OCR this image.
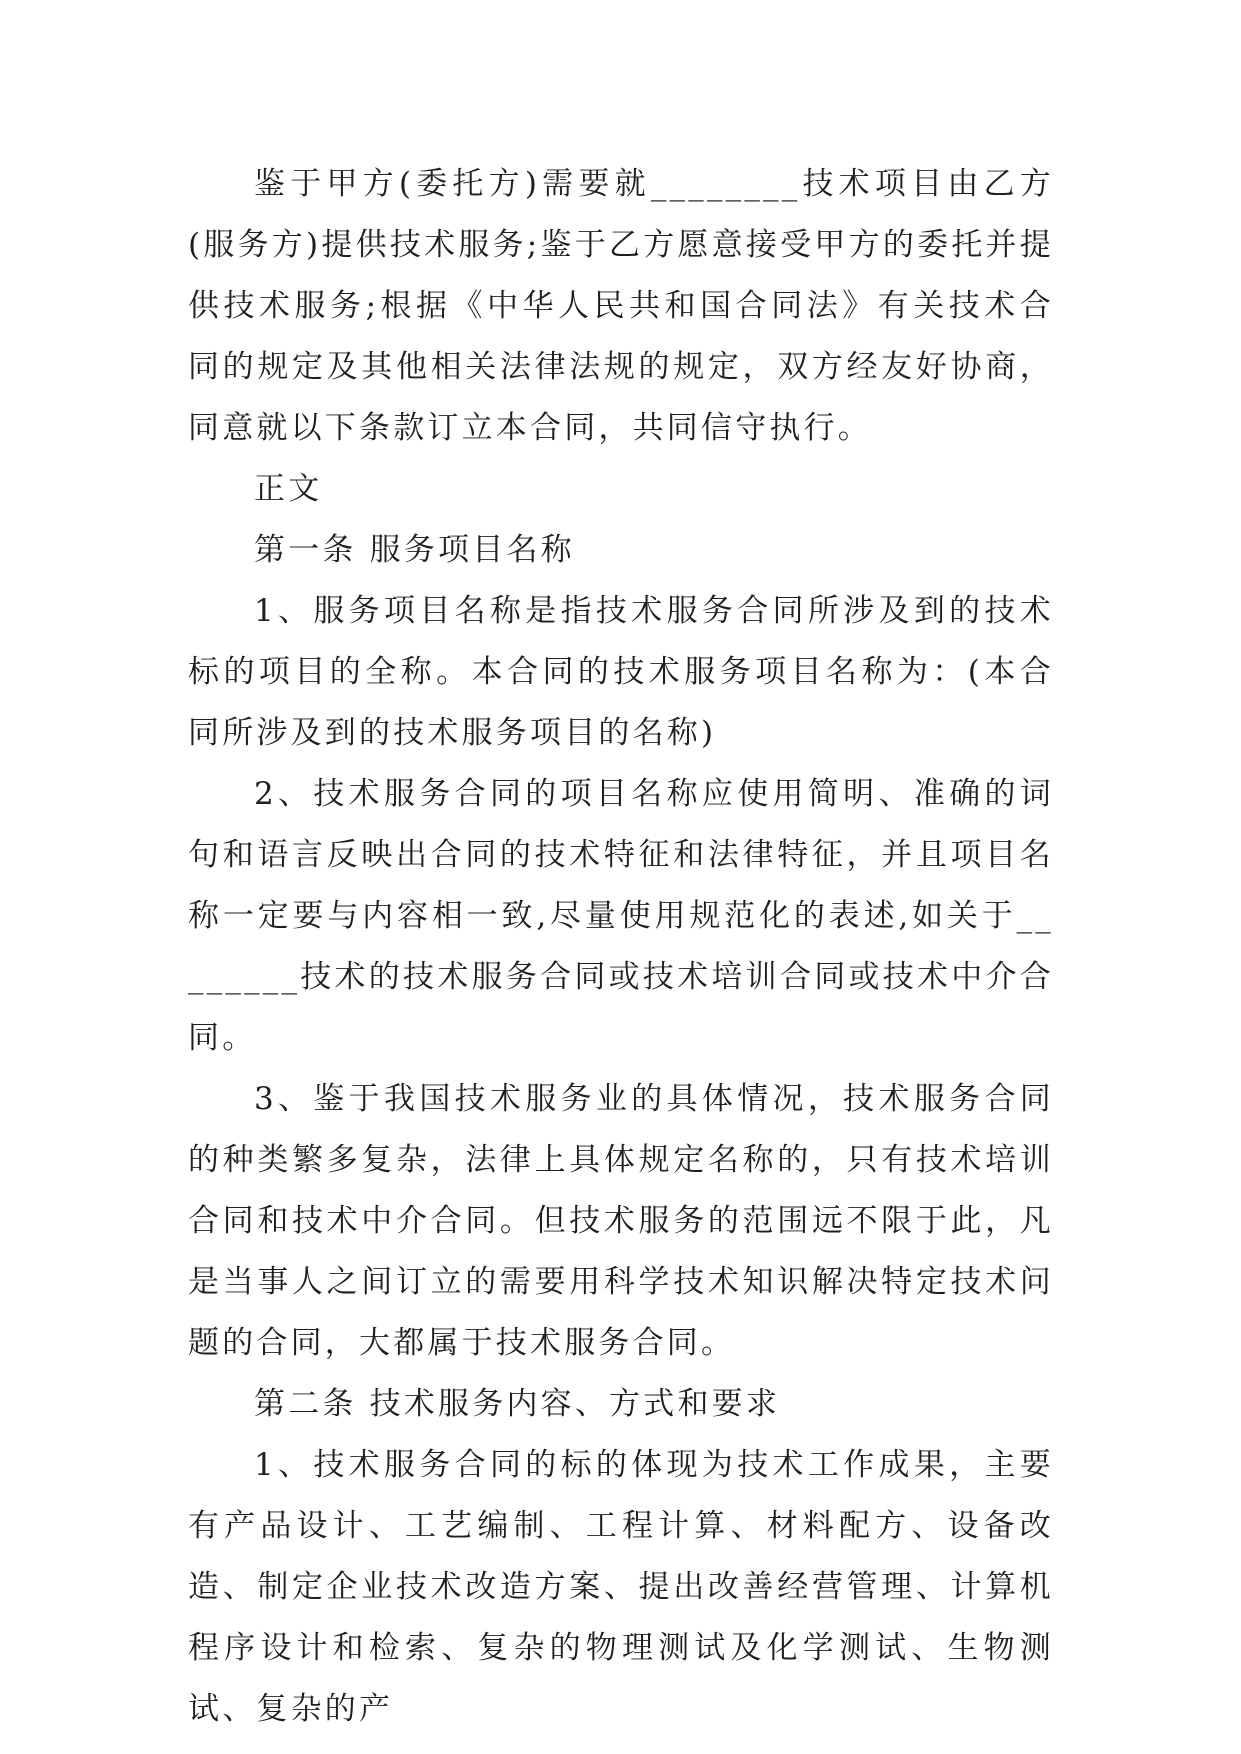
鉴于甲方(委托方)需要就________技术项目由乙方(服务方)提供技术服务;鉴于乙方愿意接受甲方的委托并提供技术服务;根据《中华人民共和国合同法》有关技术合同的规定及其他相关法律法规的规定，双方经友好协商，同意就以下条款订立本合同，共同信守执行。

正文

第一条 服务项目名称

1、服务项目名称是指技术服务合同所涉及到的技术标的项目的全称。本合同的技术服务项目名称为：(本合同所涉及到的技术服务项目的名称)

2、技术服务合同的项目名称应使用简明、准确的词句和语言反映出合同的技术特征和法律特征，并且项目名称一定要与内容相一致,尽量使用规范化的表述,如关于________技术的技术服务合同或技术培训合同或技术中介合同。

3、鉴于我国技术服务业的具体情况，技术服务合同的种类繁多复杂，法律上具体规定名称的，只有技术培训合同和技术中介合同。但技术服务的范围远不限于此，凡是当事人之间订立的需要用科学技术知识解决特定技术问题的合同，大都属于技术服务合同。

第二条 技术服务内容、方式和要求

1、技术服务合同的标的体现为技术工作成果，主要有产品设计、工艺编制、工程计算、材料配方、设备改造、制定企业技术改造方案、提出改善经营管理、计算机程序设计和检索、复杂的物理测试及化学测试、生物测试、复杂的产
